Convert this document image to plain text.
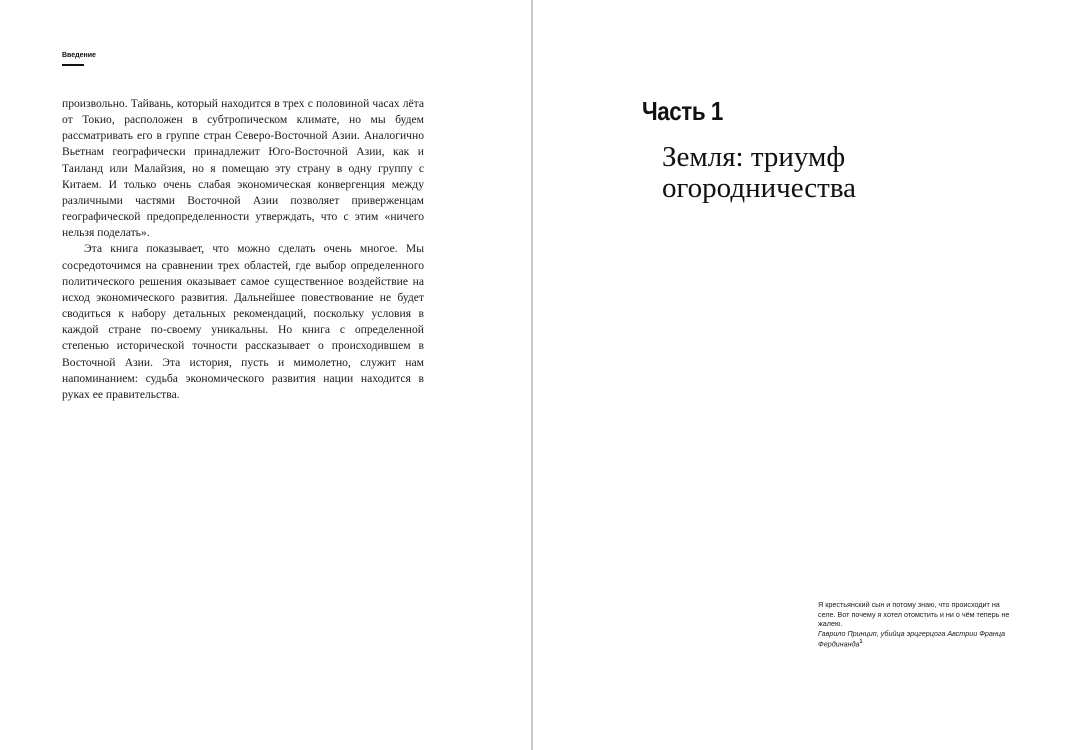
Введение

произвольно. Тайвань, который находится в трех с половиной часах лёта от Токио, расположен в субтропическом климате, но мы будем рассматривать его в группе стран Северо-Восточной Азии. Аналогично Вьетнам географически принадлежит Юго-Восточной Азии, как и Таиланд или Малайзия, но я помещаю эту страну в одну группу с Китаем. И только очень слабая экономическая конвергенция между различными частями Восточной Азии позволяет приверженцам географической предопределенности утверждать, что с этим «ничего нельзя поделать».

Эта книга показывает, что можно сделать очень многое. Мы сосредоточимся на сравнении трех областей, где выбор определенного политического решения оказывает самое существенное воздействие на исход экономического развития. Дальнейшее повествование не будет сводиться к набору детальных рекомендаций, поскольку условия в каждой стране по-своему уникальны. Но книга с определенной степенью исторической точности рассказывает о происходившем в Восточной Азии. Эта история, пусть и мимолетно, служит нам напоминанием: судьба экономического развития нации находится в руках ее правительства.

Часть 1
Земля: триумф огородничества

Я крестьянский сын и потому знаю, что происходит на селе. Вот почему я хотел отомстить и ни о чём теперь не жалею.

Гаврило Принцип, убийца эрцгерцога Австрии Франца Фердинанда$^1$
